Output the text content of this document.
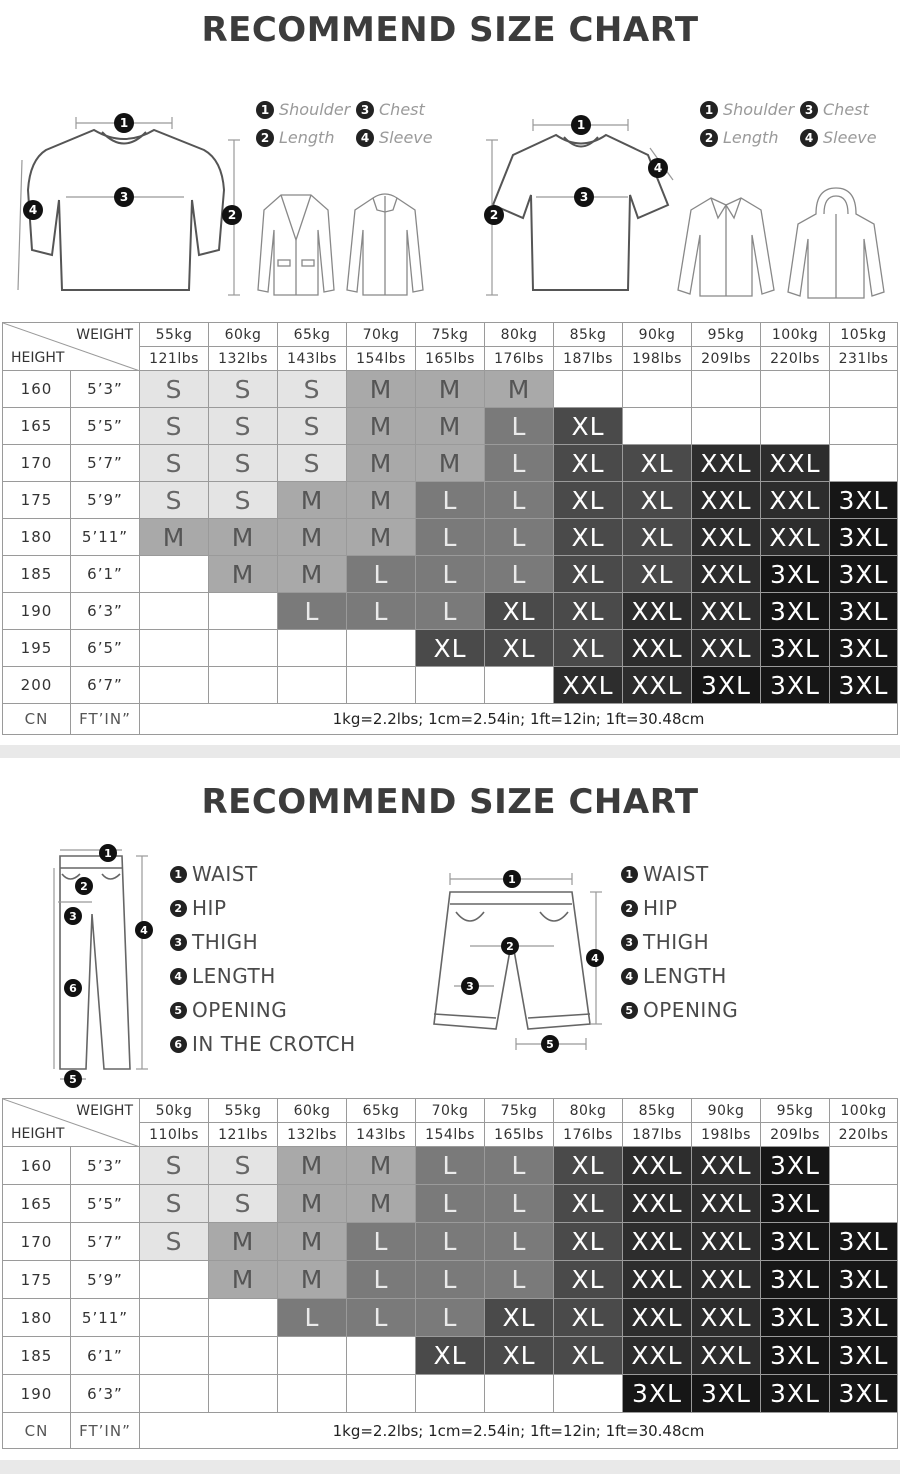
RECOMMEND SIZE CHART
1
3
2
4
1 Shoulder 3 Chest
2 Length	4 Sleeve
1
3
2
4
1 Shoulder 3 Chest
2 Length	4 Sleeve
WEIGHT
HEIGHT		55kg	60kg	65kg	70kg	75kg	80kg	85kg	90kg	95kg	100kg	105kg
		121lbs	132lbs	143lbs	154lbs	165lbs	176lbs	187lbs	198lbs	209lbs	220lbs	231lbs
160	5’3”	S	S	S	M	M	M					
165	5’5”	S	S	S	M	M	L	XL				
170	5’7”	S	S	S	M	M	L	XL	XL	XXL	XXL	
175	5’9”	S	S	M	M	L	L	XL	XL	XXL	XXL	3XL
180	5’11”	M	M	M	M	L	L	XL	XL	XXL	XXL	3XL
185	6’1”		M	M	L	L	L	XL	XL	XXL	3XL	3XL
190	6’3”			L	L	L	XL	XL	XXL	XXL	3XL	3XL
195	6’5”					XL	XL	XL	XXL	XXL	3XL	3XL
200	6’7”							XXL	XXL	3XL	3XL	3XL
CN	FT’IN”	1kg=2.2lbs; 1cm=2.54in; 1ft=12in; 1ft=30.48cm										
RECOMMEND SIZE CHART
1
2
3
4
6
5
1 WAIST
2 HIP
3 THIGH
4 LENGTH
5 OPENING
6 IN THE CROTCH
1
2
3
4
5
1 WAIST
2 HIP
3 THIGH
4 LENGTH
5 OPENING
WEIGHT
HEIGHT		50kg	55kg	60kg	65kg	70kg	75kg	80kg	85kg	90kg	95kg	100kg
		110lbs	121lbs	132lbs	143lbs	154lbs	165lbs	176lbs	187lbs	198lbs	209lbs	220lbs
160	5’3”	S	S	M	M	L	L	XL	XXL	XXL	3XL	
165	5’5”	S	S	M	M	L	L	XL	XXL	XXL	3XL	
170	5’7”	S	M	M	L	L	L	XL	XXL	XXL	3XL	3XL
175	5’9”		M	M	L	L	L	XL	XXL	XXL	3XL	3XL
180	5’11”			L	L	L	XL	XL	XXL	XXL	3XL	3XL
185	6’1”					XL	XL	XL	XXL	XXL	3XL	3XL
190	6’3”								3XL	3XL	3XL	3XL
CN	FT’IN”	1kg=2.2lbs; 1cm=2.54in; 1ft=12in; 1ft=30.48cm										
